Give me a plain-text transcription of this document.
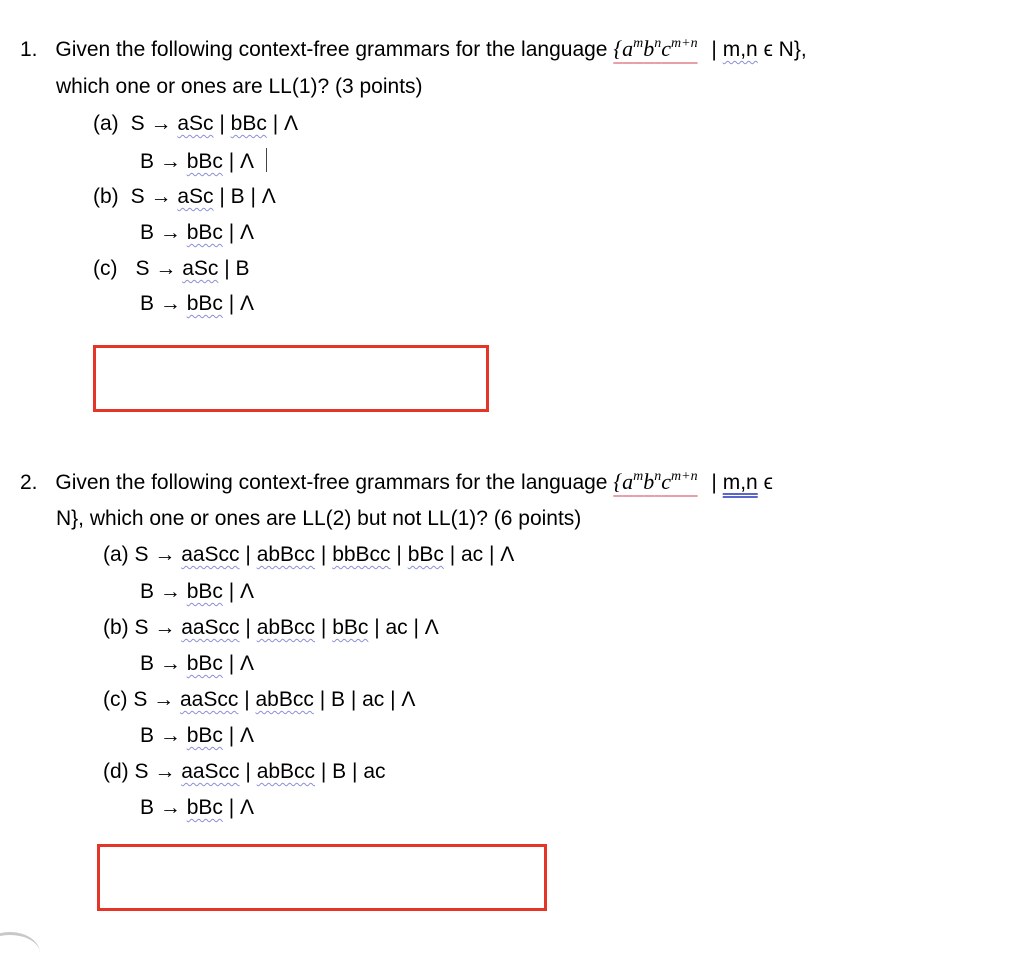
1. Given the following context-free grammars for the language {$a^mb^nc^{m+n}$ | m,n ϵ N},
which one or ones are LL(1)? (3 points)
(a) S → aSc | bBc | Λ
B → bBc | Λ
(b) S → aSc | B | Λ
B → bBc | Λ
(c) S → aSc | B
B → bBc | Λ
2. Given the following context-free grammars for the language {$a^mb^nc^{m+n}$ | m,n ϵ
N}, which one or ones are LL(2) but not LL(1)? (6 points)
(a) S → aaScc | abBcc | bbBcc | bBc | ac | Λ
B → bBc | Λ
(b) S → aaScc | abBcc | bBc | ac | Λ
B → bBc | Λ
(c) S → aaScc | abBcc | B | ac | Λ
B → bBc | Λ
(d) S → aaScc | abBcc | B | ac
B → bBc | Λ
